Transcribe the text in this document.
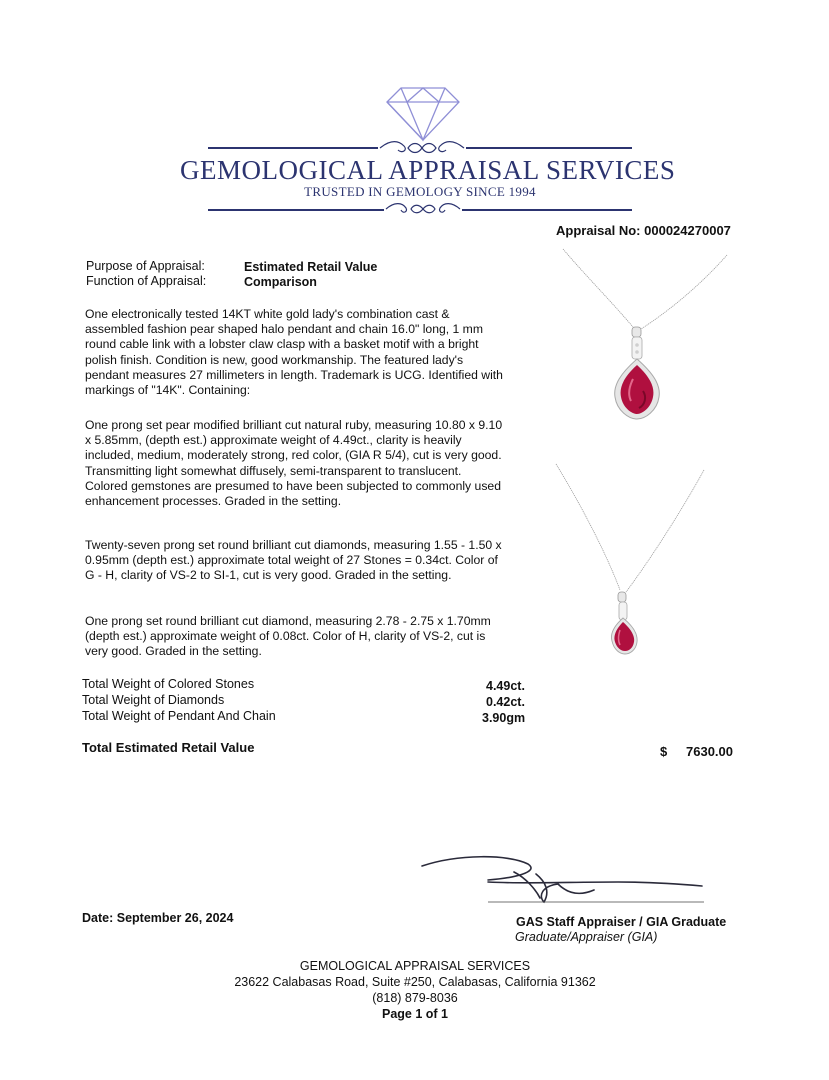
GEMOLOGICAL APPRAISAL SERVICES
TRUSTED IN GEMOLOGY SINCE 1994
Appraisal No: 000024270007
Purpose of Appraisal:	Estimated Retail Value
Function of Appraisal:	Comparison
One electronically tested 14KT white gold lady's combination cast & assembled fashion pear shaped halo pendant and chain 16.0" long, 1 mm round cable link with a lobster claw clasp with a basket motif with a bright polish finish. Condition is new, good workmanship. The featured lady's pendant measures 27 millimeters in length. Trademark is UCG. Identified with markings of "14K". Containing:
One prong set pear modified brilliant cut natural ruby, measuring 10.80 x 9.10 x 5.85mm, (depth est.) approximate weight of 4.49ct., clarity is heavily included, medium, moderately strong, red color, (GIA R 5/4), cut is very good. Transmitting light somewhat diffusely, semi-transparent to translucent. Colored gemstones are presumed to have been subjected to commonly used enhancement processes. Graded in the setting.
Twenty-seven prong set round brilliant cut diamonds, measuring 1.55 - 1.50 x 0.95mm (depth est.) approximate total weight of 27 Stones = 0.34ct. Color of G - H, clarity of VS-2 to SI-1, cut is very good. Graded in the setting.
One prong set round brilliant cut diamond, measuring 2.78 - 2.75 x 1.70mm (depth est.) approximate weight of 0.08ct. Color of H, clarity of VS-2, cut is very good. Graded in the setting.
Total Weight of Colored Stones	4.49ct.
Total Weight of Diamonds	0.42ct.
Total Weight of Pendant And Chain	3.90gm
Total Estimated Retail Value	$ 7630.00
Date: September 26, 2024	GAS Staff Appraiser / GIA Graduate
Graduate/Appraiser (GIA)
GEMOLOGICAL APPRAISAL SERVICES
23622 Calabasas Road, Suite #250, Calabasas, California 91362
(818) 879-8036
Page 1 of 1
